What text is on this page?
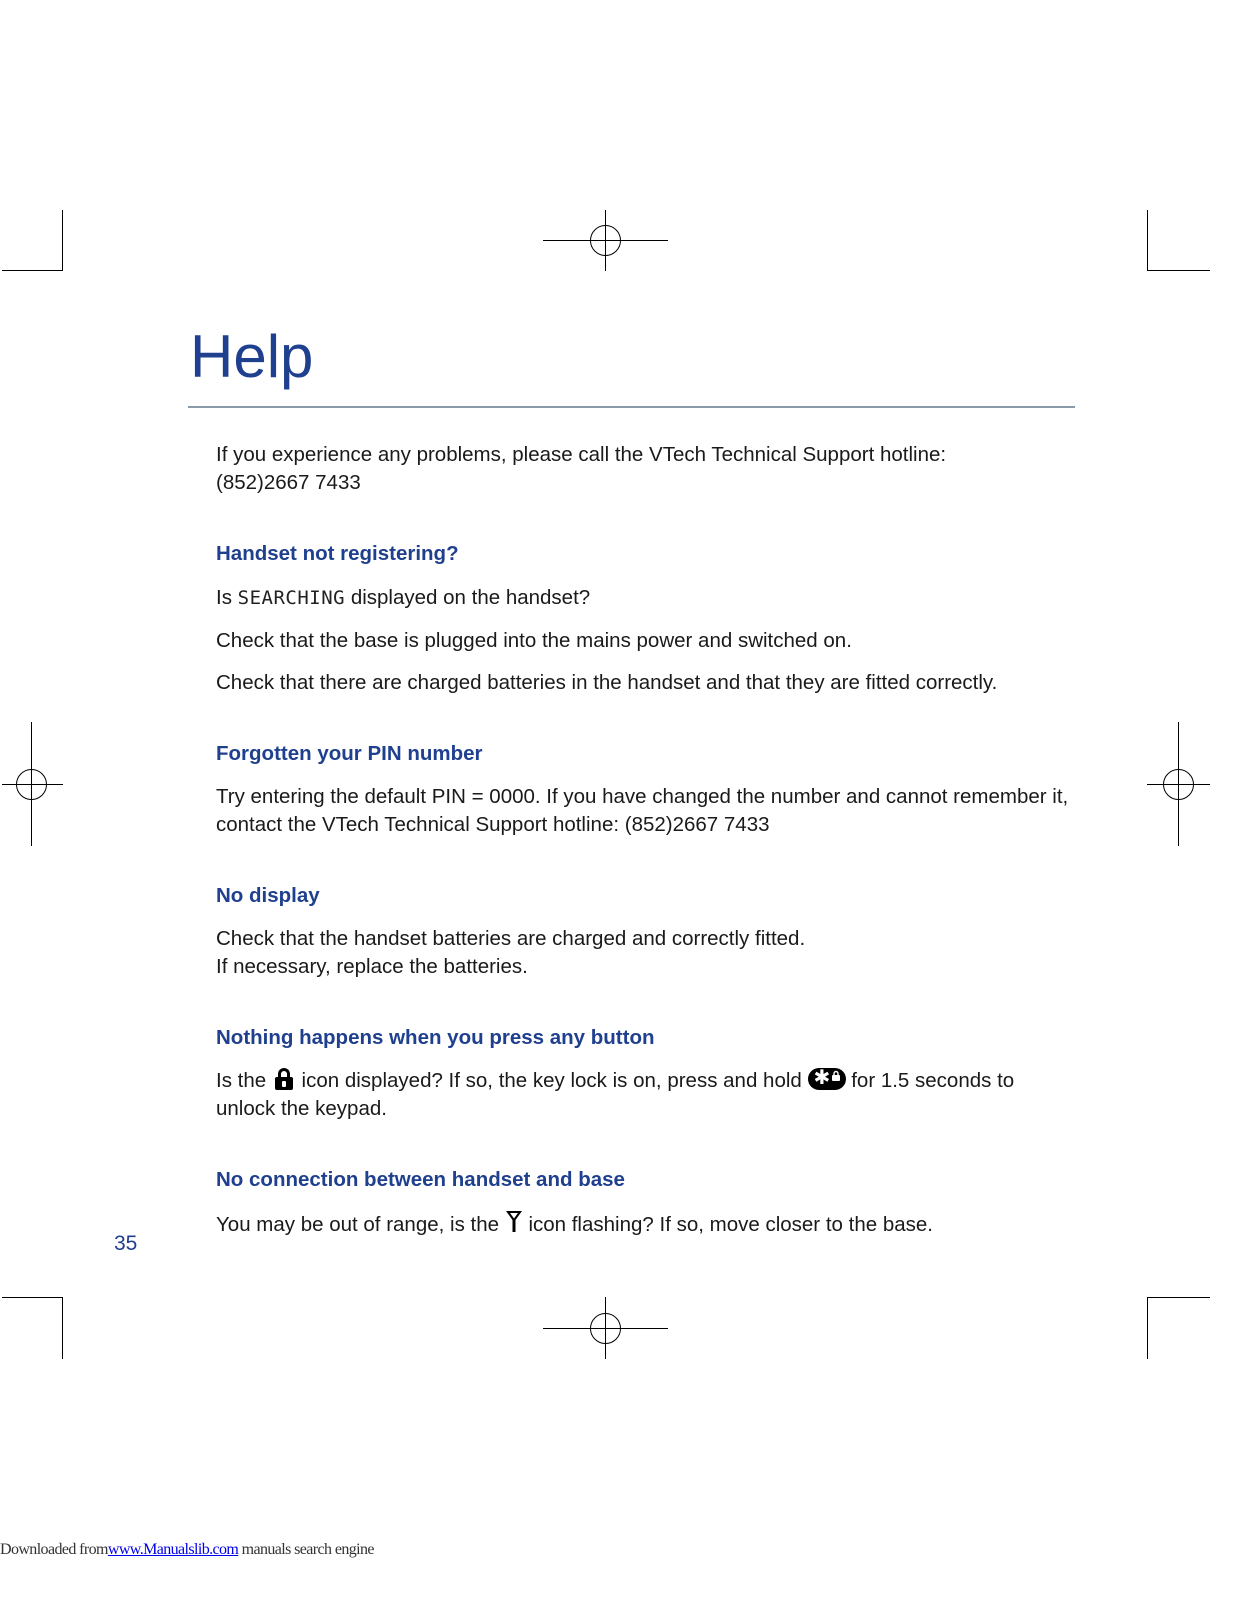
Help

If you experience any problems, please call the VTech Technical Support hotline:

(852)2667 7433

Handset not registering?

Is SEARCHING displayed on the handset?

Check that the base is plugged into the mains power and switched on.

Check that there are charged batteries in the handset and that they are fitted correctly.

Forgotten your PIN number

Try entering the default PIN = 0000. If you have changed the number and cannot remember it,

contact the VTech Technical Support hotline: (852)2667 7433

No display

Check that the handset batteries are charged and correctly fitted.

If necessary, replace the batteries.

Nothing happens when you press any button

Is the icon displayed? If so, the key lock is on, press and hold ✱ for 1.5 seconds to

unlock the keypad.

No connection between handset and base

You may be out of range, is the icon flashing? If so, move closer to the base.

35
Downloaded fromwww.Manualslib.com manuals search engine
